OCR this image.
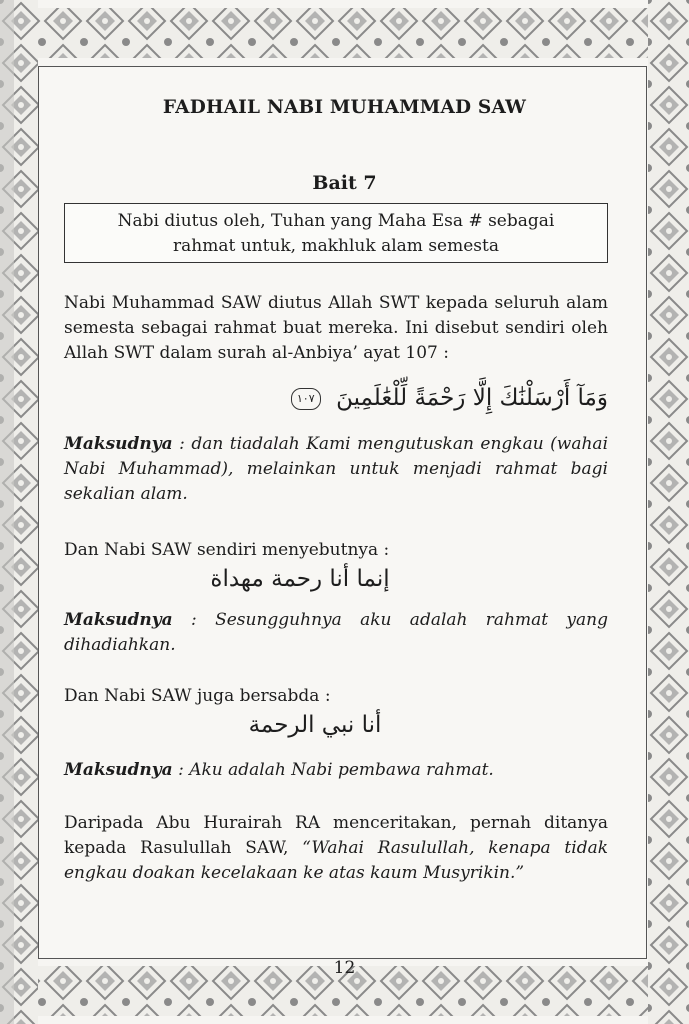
FADHAIL NABI MUHAMMAD SAW
Bait 7
Nabi diutus oleh, Tuhan yang Maha Esa # sebagai
rahmat untuk, makhluk alam semesta
Nabi Muhammad SAW diutus Allah SWT kepada seluruh alam semesta sebagai rahmat buat mereka. Ini disebut sendiri oleh Allah SWT dalam surah al-Anbiya’ ayat 107 :
وَمَآ أَرْسَلْنَٰكَ إِلَّا رَحْمَةً لِّلْعَٰلَمِينَ ١٠٧
Maksudnya : dan tiadalah Kami mengutuskan engkau (wahai Nabi Muhammad), melainkan untuk menjadi rahmat bagi sekalian alam.
Dan Nabi SAW sendiri menyebutnya :
إنما أنا رحمة مهداة
Maksudnya : Sesungguhnya aku adalah rahmat yang dihadiahkan.
Dan Nabi SAW juga bersabda :
أنا نبي الرحمة
Maksudnya : Aku adalah Nabi pembawa rahmat.
Daripada Abu Hurairah RA menceritakan, pernah ditanya kepada Rasulullah SAW, “Wahai Rasulullah, kenapa tidak engkau doakan kecelakaan ke atas kaum Musyrikin.”
12
